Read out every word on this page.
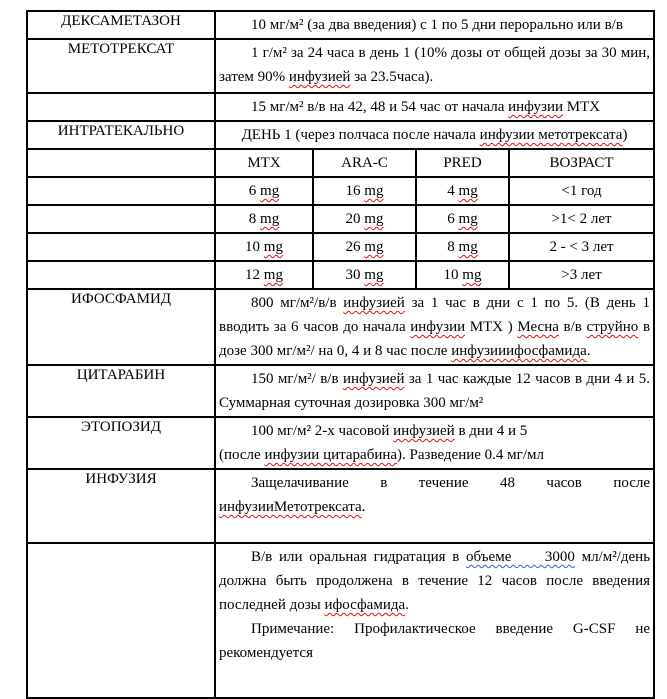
ДЕКСАМЕТАЗОН	10 мг/м² (за два введения) с 1 по 5 дни перорально или в/в			

МЕТОТРЕКСАТ	1 г/м² за 24 часа в день 1 (10% дозы от общей дозы за 30 мин,
затем 90% инфузией за 23.5часа).			

	15 мг/м² в/в на 42, 48 и 54 час от начала инфузии МТХ			

ИНТРАТЕКАЛЬНО	ДЕНЬ 1 (через полчаса после начала инфузии метотрексата)			

	MTX	ARA-C	PRED	ВОЗРАСТ

	6 mg	16 mg	4 mg	<1 год

	8 mg	20 mg	6 mg	>1< 2 лет

	10 mg	26 mg	8 mg	2 - < 3 лет

	12 mg	30 mg	10 mg	>3 лет

ИФОСФАМИД	800 мг/м²/в/в инфузией за 1 час в дни с 1 по 5. (В день 1
вводить за 6 часов до начала инфузии МТХ ) Месна в/в струйно в
дозе 300 мг/м²/ на 0, 4 и 8 час после инфузииифосфамида.			

ЦИТАРАБИН	150 мг/м²/ в/в инфузией за 1 час каждые 12 часов в дни 4 и 5.
Суммарная суточная дозировка 300 мг/м²			

ЭТОПОЗИД	100 мг/м² 2-х часовой инфузией в дни 4 и 5
(после инфузии цитарабина). Разведение 0.4 мг/мл			

ИНФУЗИЯ	Защелачивание в течение 48 часов после
инфузииМетотрексата.			

	В/в или оральная гидратация в объеме     3000 мл/м²/день
должна быть продолжена в течение 12 часов после введения
последней дозы ифосфамида.
Примечание: Профилактическое введение G-CSF не
рекомендуется			
